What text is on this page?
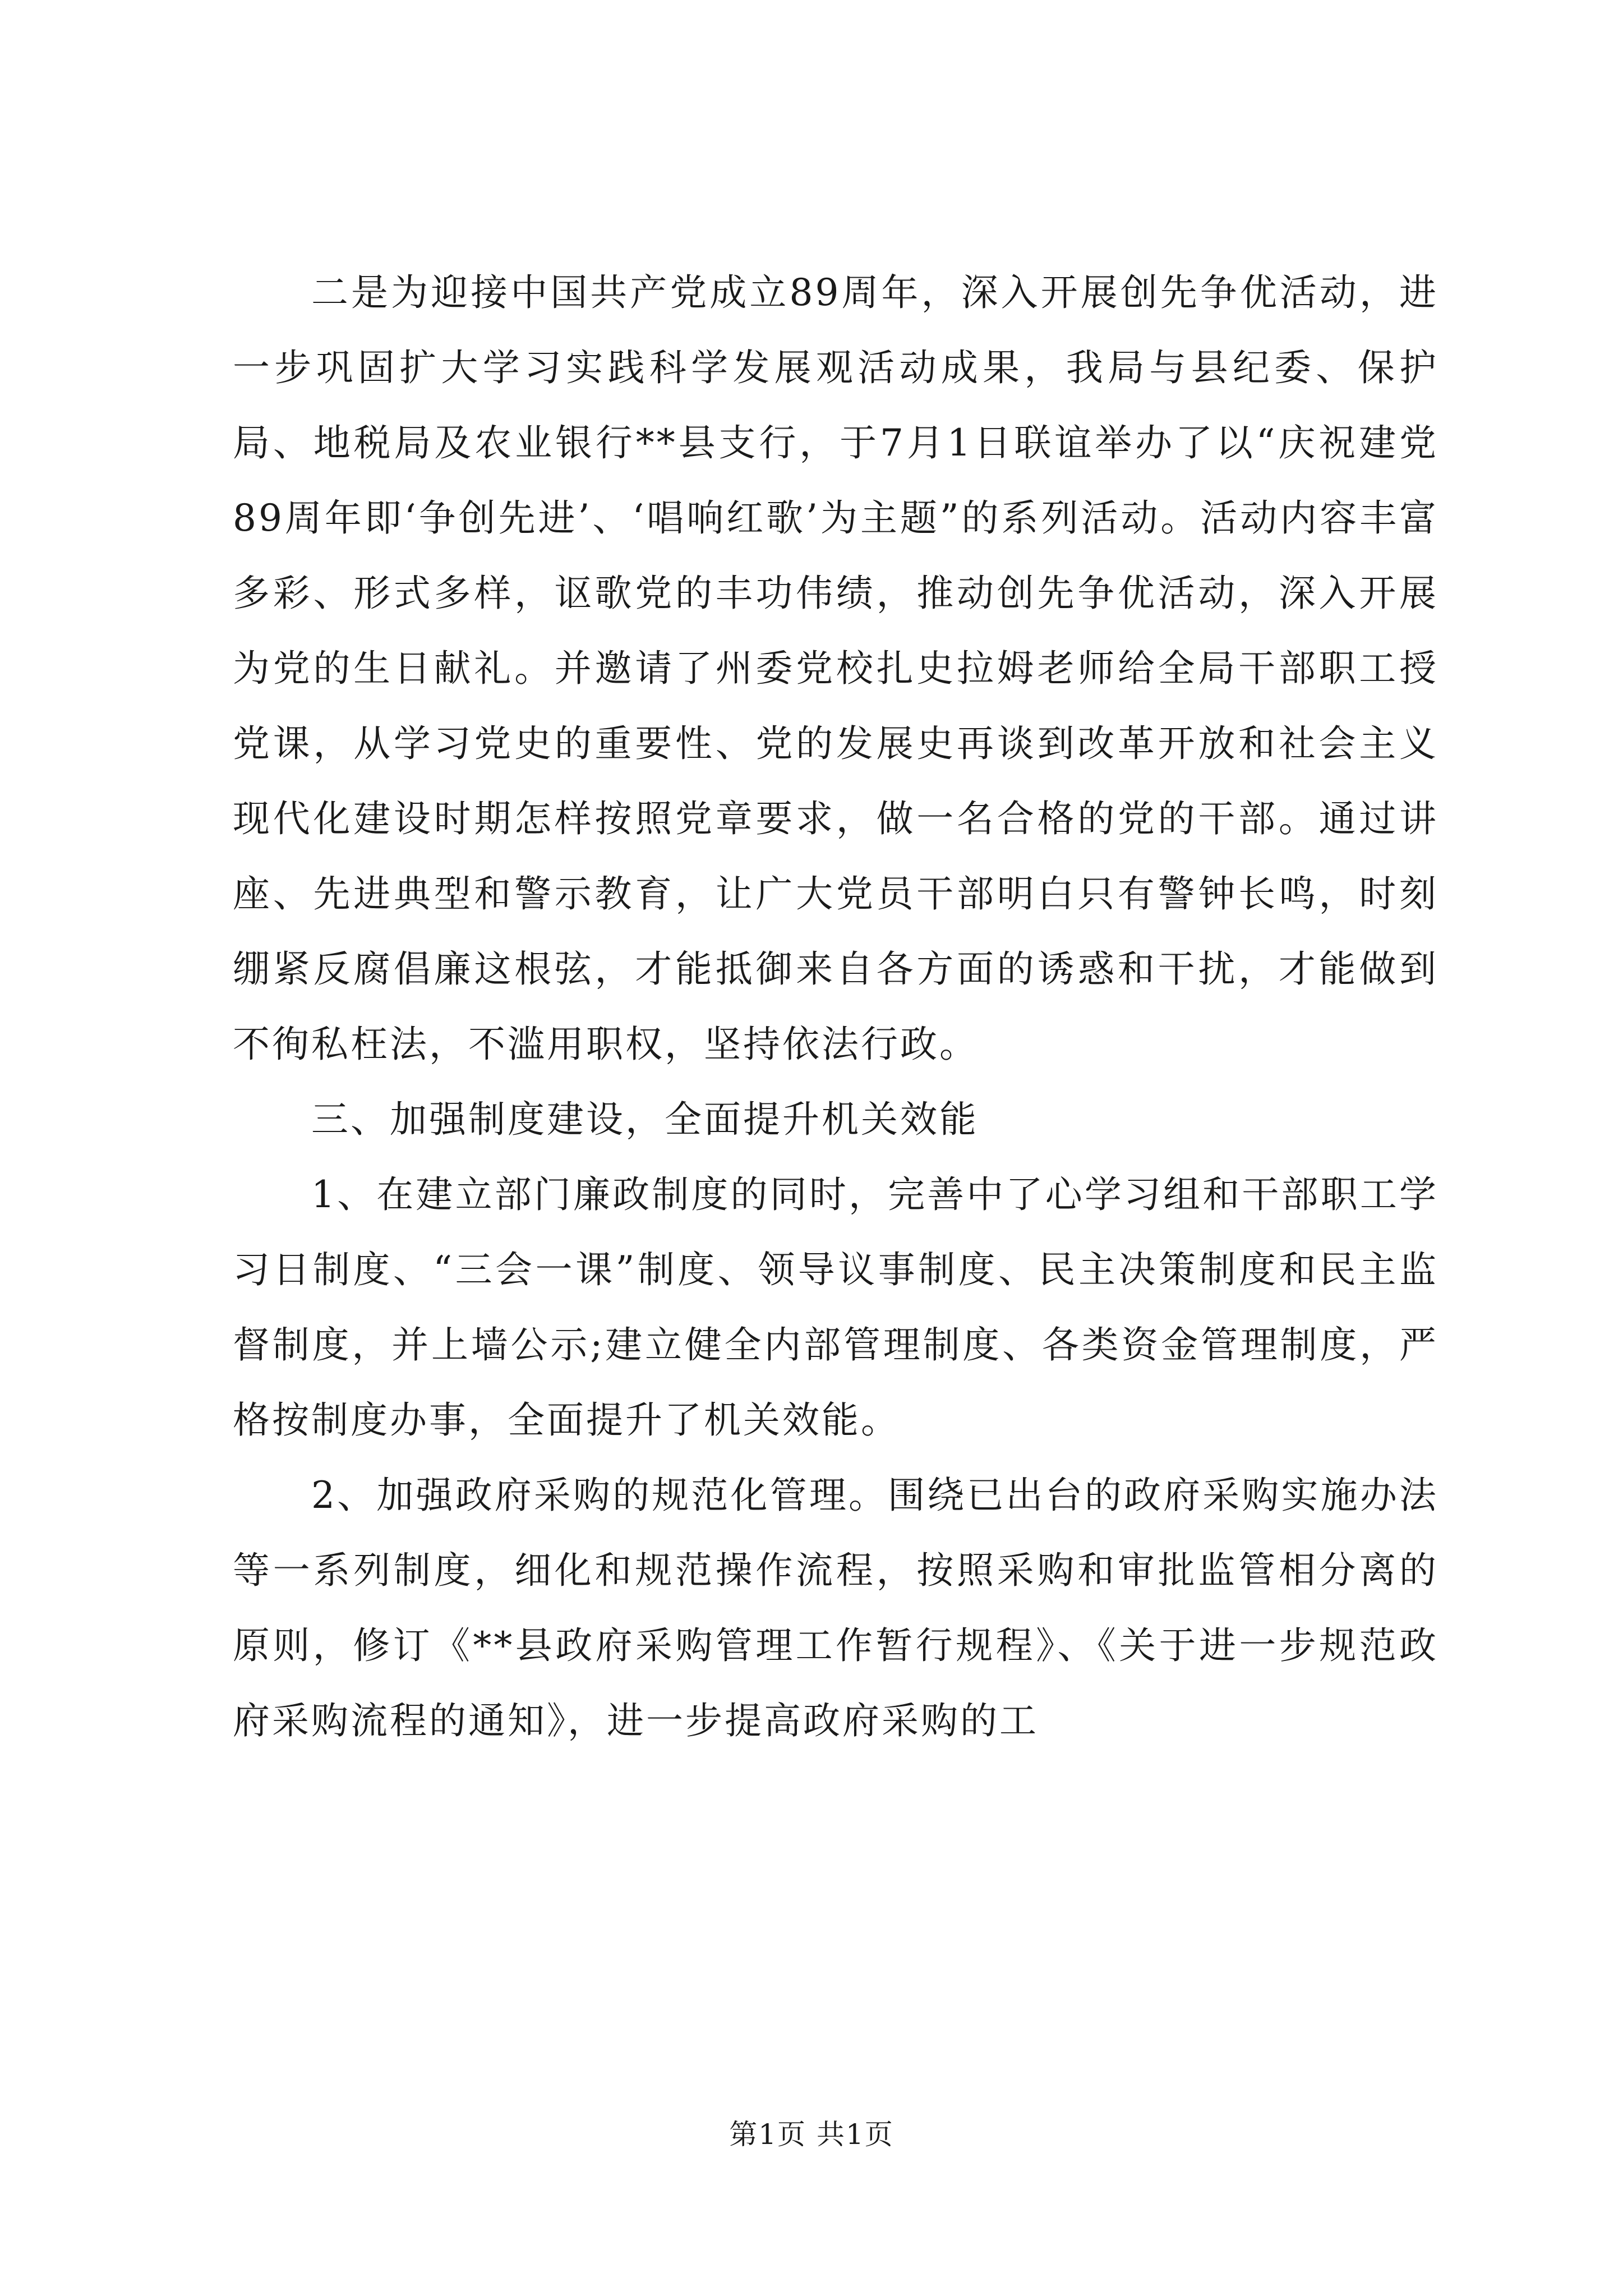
二是为迎接中国共产党成立89周年，深入开展创先争优活动，进一步巩固扩大学习实践科学发展观活动成果，我局与县纪委、保护局、地税局及农业银行**县支行，于7月1日联谊举办了以“庆祝建党89周年即‘争创先进’、‘唱响红歌’为主题”的系列活动。活动内容丰富多彩、形式多样，讴歌党的丰功伟绩，推动创先争优活动，深入开展为党的生日献礼。并邀请了州委党校扎史拉姆老师给全局干部职工授党课，从学习党史的重要性、党的发展史再谈到改革开放和社会主义现代化建设时期怎样按照党章要求，做一名合格的党的干部。通过讲座、先进典型和警示教育，让广大党员干部明白只有警钟长鸣，时刻绷紧反腐倡廉这根弦，才能抵御来自各方面的诱惑和干扰，才能做到不徇私枉法，不滥用职权，坚持依法行政。

三、加强制度建设，全面提升机关效能

1、在建立部门廉政制度的同时，完善中了心学习组和干部职工学习日制度、“三会一课”制度、领导议事制度、民主决策制度和民主监督制度，并上墙公示;建立健全内部管理制度、各类资金管理制度，严格按制度办事，全面提升了机关效能。

2、加强政府采购的规范化管理。围绕已出台的政府采购实施办法等一系列制度，细化和规范操作流程，按照采购和审批监管相分离的原则，修订《**县政府采购管理工作暂行规程》、《关于进一步规范政府采购流程的通知》，进一步提高政府采购的工

第1页 共1页
